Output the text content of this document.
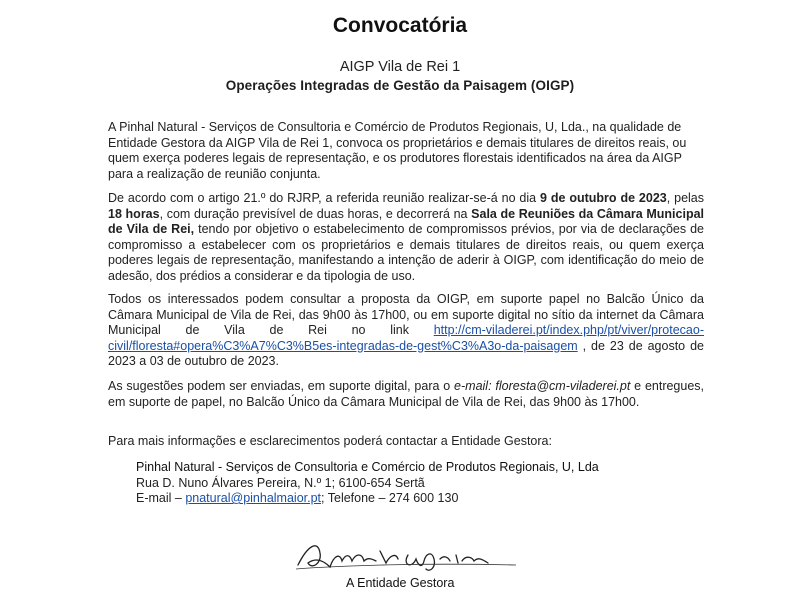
Convocatória
AIGP Vila de Rei 1
Operações Integradas de Gestão da Paisagem (OIGP)
A Pinhal Natural - Serviços de Consultoria e Comércio de Produtos Regionais, U, Lda., na qualidade de Entidade Gestora da AIGP Vila de Rei 1, convoca os proprietários e demais titulares de direitos reais, ou quem exerça poderes legais de representação, e os produtores florestais identificados na área da AIGP para a realização de reunião conjunta.
De acordo com o artigo 21.º do RJRP, a referida reunião realizar-se-á no dia 9 de outubro de 2023, pelas 18 horas, com duração previsível de duas horas, e decorrerá na Sala de Reuniões da Câmara Municipal de Vila de Rei, tendo por objetivo o estabelecimento de compromissos prévios, por via de declarações de compromisso a estabelecer com os proprietários e demais titulares de direitos reais, ou quem exerça poderes legais de representação, manifestando a intenção de aderir à OIGP, com identificação do meio de adesão, dos prédios a considerar e da tipologia de uso.
Todos os interessados podem consultar a proposta da OIGP, em suporte papel no Balcão Único da Câmara Municipal de Vila de Rei, das 9h00 às 17h00, ou em suporte digital no sítio da internet da Câmara Municipal de Vila de Rei no link http://cm-viladerei.pt/index.php/pt/viver/protecao-civil/floresta#opera%C3%A7%C3%B5es-integradas-de-gest%C3%A3o-da-paisagem , de 23 de agosto de 2023 a 03 de outubro de 2023.
As sugestões podem ser enviadas, em suporte digital, para o e-mail: floresta@cm-viladerei.pt e entregues, em suporte de papel, no Balcão Único da Câmara Municipal de Vila de Rei, das 9h00 às 17h00.
Para mais informações e esclarecimentos poderá contactar a Entidade Gestora:
Pinhal Natural - Serviços de Consultoria e Comércio de Produtos Regionais, U, Lda
Rua D. Nuno Álvares Pereira, N.º 1; 6100-654 Sertã
E-mail – pnatural@pinhalmaior.pt; Telefone – 274 600 130
A Entidade Gestora
